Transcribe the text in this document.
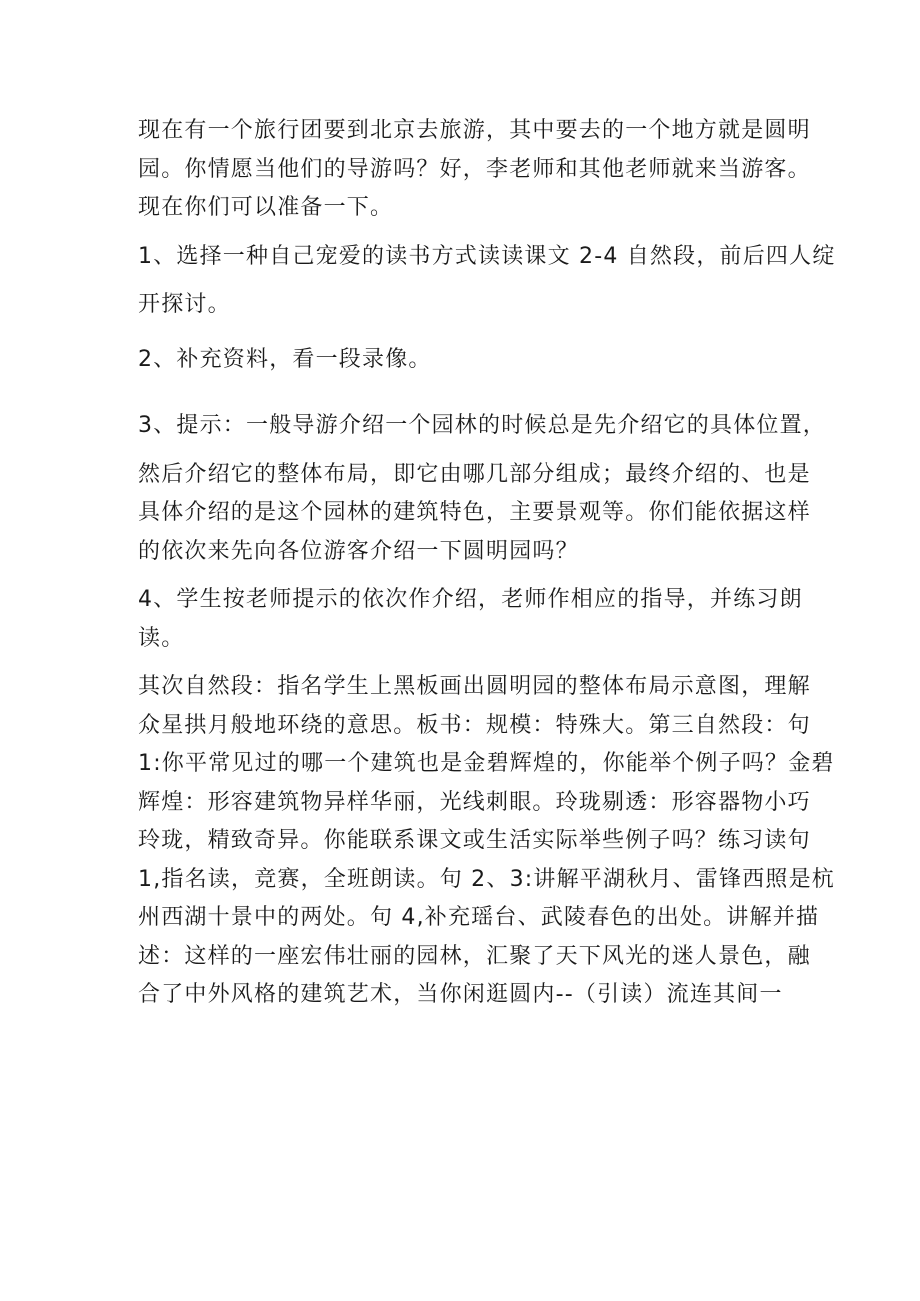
现在有一个旅行团要到北京去旅游，其中要去的一个地方就是圆明
园。你情愿当他们的导游吗？好，李老师和其他老师就来当游客。
现在你们可以准备一下。
1、选择一种自己宠爱的读书方式读读课文 2-4 自然段，前后四人绽
开探讨。
2、补充资料，看一段录像。
3、提示：一般导游介绍一个园林的时候总是先介绍它的具体位置，
然后介绍它的整体布局，即它由哪几部分组成；最终介绍的、也是
具体介绍的是这个园林的建筑特色，主要景观等。你们能依据这样
的依次来先向各位游客介绍一下圆明园吗？
4、学生按老师提示的依次作介绍，老师作相应的指导，并练习朗
读。
其次自然段：指名学生上黑板画出圆明园的整体布局示意图，理解
众星拱月般地环绕的意思。板书：规模：特殊大。第三自然段：句
1:你平常见过的哪一个建筑也是金碧辉煌的，你能举个例子吗？金碧
辉煌：形容建筑物异样华丽，光线刺眼。玲珑剔透：形容器物小巧
玲珑，精致奇异。你能联系课文或生活实际举些例子吗？练习读句
1,指名读，竞赛，全班朗读。句 2、3:讲解平湖秋月、雷锋西照是杭
州西湖十景中的两处。句 4,补充瑶台、武陵春色的出处。讲解并描
述：这样的一座宏伟壮丽的园林，汇聚了天下风光的迷人景色，融
合了中外风格的建筑艺术，当你闲逛圆内--（引读）流连其间一
